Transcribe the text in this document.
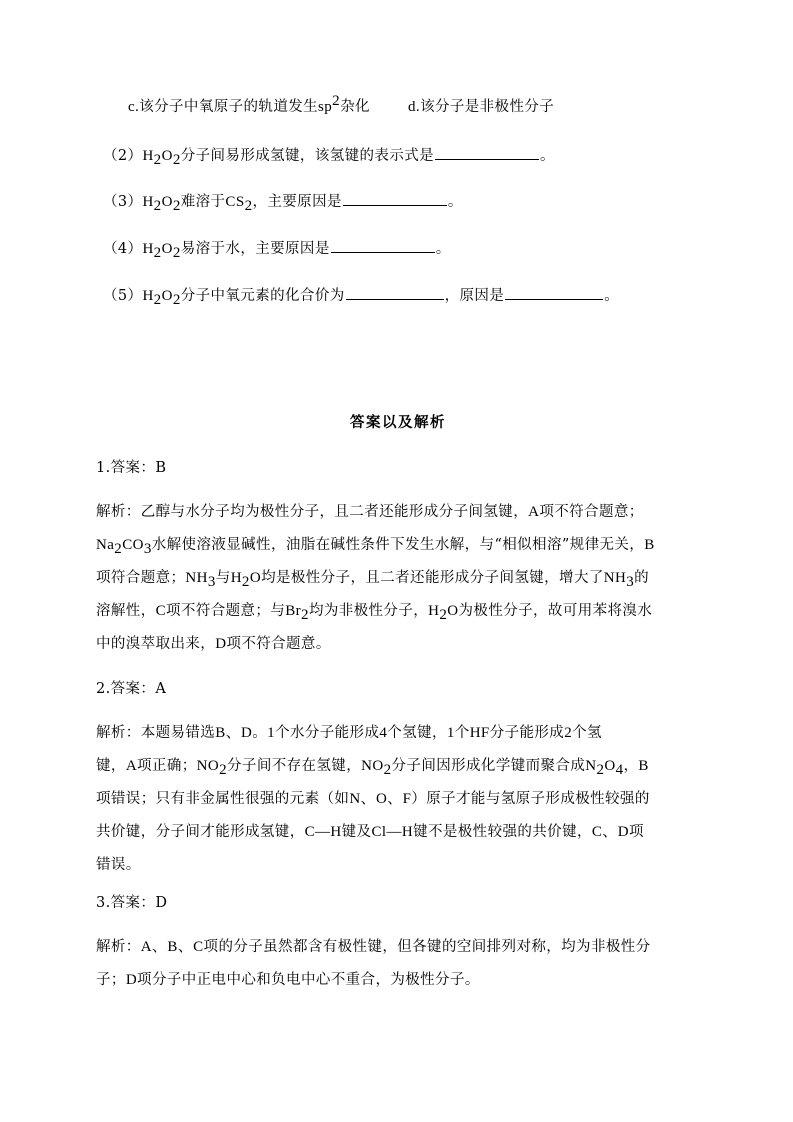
c.该分子中氧原子的轨道发生$sp^2$杂化	d.该分子是非极性分子
$(2)H_2O_2$分子间易形成氢键，该氢键的表示式是	。
$(3)H_2O_2$难溶于$CS_2$，主要原因是	。
$(4)H_2O_2$易溶于水，主要原因是	。
$(5)H_2O_2$分子中氧元素的化合价为	，原因是	。
答案以及解析
1.答案：B
解析：乙醇与水分子均为极性分子，且二者还能形成分子间氢键，A项不符合题意；
$Na_2CO_3$水解使溶液显碱性，油脂在碱性条件下发生水解，与“相似相溶”规律无关，B
项符合题意；$NH_3$与$H_2O$均是极性分子，且二者还能形成分子间氢键，增大了$NH_3$的
溶解性，C项不符合题意；与$Br_2$均为非极性分子，$H_2O$为极性分子，故可用苯将溴水
中的溴萃取出来，D项不符合题意。
2.答案：A
解析：本题易错选B、D。1个水分子能形成4个氢键，1个HF分子能形成2个氢
键，A项正确；$NO_2$分子间不存在氢键，$NO_2$分子间因形成化学键而聚合成$N_2O_4$，B
项错误；只有非金属性很强的元素（如N、O、F）原子才能与氢原子形成极性较强的
共价键，分子间才能形成氢键，C—H键及Cl—H键不是极性较强的共价键，C、D项
错误。
3.答案：D
解析：A、B、C项的分子虽然都含有极性键，但各键的空间排列对称，均为非极性分
子；D项分子中正电中心和负电中心不重合，为极性分子。
